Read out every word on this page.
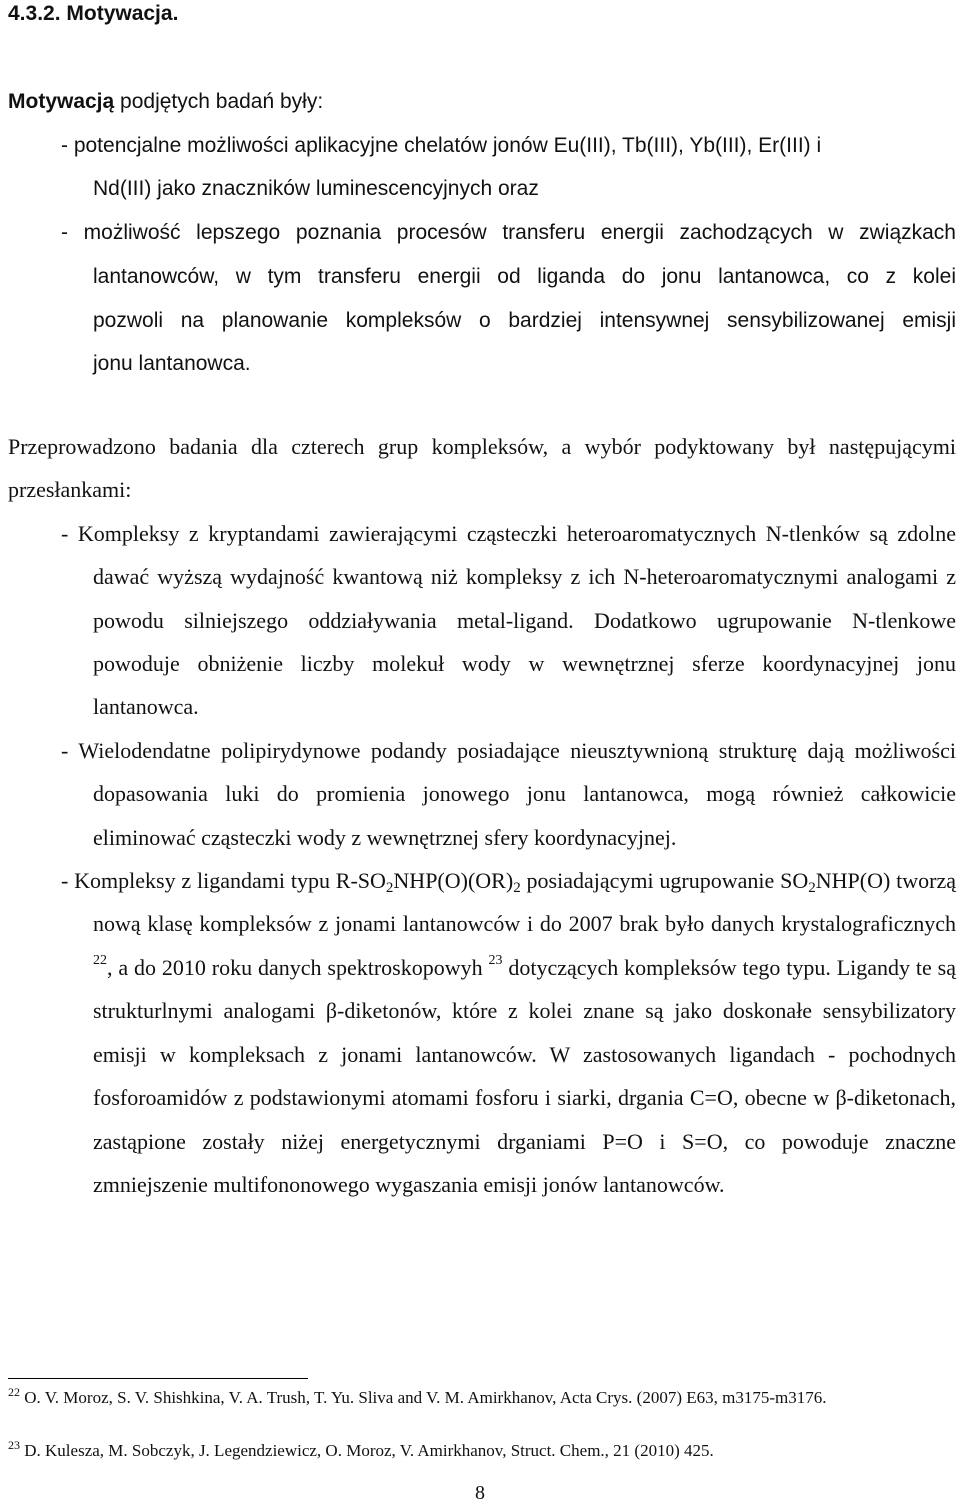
4.3.2. Motywacja.

Motywacją podjętych badań były:

- potencjalne możliwości aplikacyjne chelatów jonów Eu(III), Tb(III), Yb(III), Er(III) i

Nd(III) jako znaczników luminescencyjnych oraz

- możliwość lepszego poznania procesów transferu energii zachodzących w związkach

lantanowców, w tym transferu energii od liganda do jonu lantanowca, co z kolei

pozwoli na planowanie kompleksów o bardziej intensywnej sensybilizowanej emisji

jonu lantanowca.

Przeprowadzono badania dla czterech grup kompleksów, a wybór podyktowany był następującymi przesłankami:

- Kompleksy z kryptandami zawierającymi cząsteczki heteroaromatycznych N-tlenków są zdolne dawać wyższą wydajność kwantową niż kompleksy z ich N-heteroaromatycznymi analogami z powodu silniejszego oddziaływania metal-ligand. Dodatkowo ugrupowanie N-tlenkowe powoduje obniżenie liczby molekuł wody w wewnętrznej sferze koordynacyjnej jonu lantanowca.

- Wielodendatne polipirydynowe podandy posiadające nieusztywnioną strukturę dają możliwości dopasowania luki do promienia jonowego jonu lantanowca, mogą również całkowicie eliminować cząsteczki wody z wewnętrznej sfery koordynacyjnej.

- Kompleksy z ligandami typu $R-SO_2NHP(O)(OR)_2$ posiadającymi ugrupowanie $SO_2NHP(O)$ tworzą nową klasę kompleksów z jonami lantanowców i do 2007 brak było danych krystalograficznych $^{22}$, a do 2010 roku danych spektroskopowyh $^{23}$ dotyczących kompleksów tego typu. Ligandy te są strukturlnymi analogami β-diketonów, które z kolei znane są jako doskonałe sensybilizatory emisji w kompleksach z jonami lantanowców. W zastosowanych ligandach - pochodnych fosforoamidów z podstawionymi atomami fosforu i siarki, drgania C=O, obecne w β-diketonach, zastąpione zostały niżej energetycznymi drganiami P=O i S=O, co powoduje znaczne zmniejszenie multifononowego wygaszania emisji jonów lantanowców.

$^{22}$ O. V. Moroz, S. V. Shishkina, V. A. Trush, T. Yu. Sliva and V. M. Amirkhanov, Acta Crys. (2007) E63, m3175-m3176.
$^{23}$ D. Kulesza, M. Sobczyk, J. Legendziewicz, O. Moroz, V. Amirkhanov, Struct. Chem., 21 (2010) 425.
8
